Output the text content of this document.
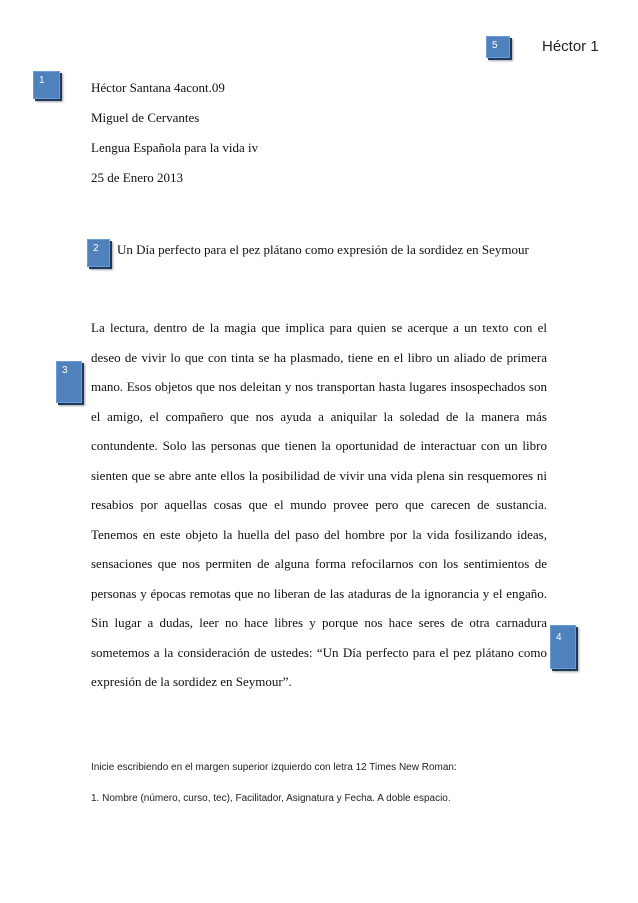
5	Héctor 1
1	Héctor Santana 4acont.09
Miguel de Cervantes
Lengua Española para la vida iv
25 de Enero 2013
2 Un Día perfecto para el pez plátano como expresión de la sordidez en Seymour
3

La lectura, dentro de la magia que implica para quien se acerque a un texto con el deseo de vivir lo que con tinta se ha plasmado, tiene en el libro un aliado de primera mano. Esos objetos que nos deleitan y nos transportan hasta lugares insospechados son el amigo, el compañero que nos ayuda a aniquilar la soledad de la manera más contundente. Solo las personas que tienen la oportunidad de interactuar con un libro sienten que se abre ante ellos la posibilidad de vivir una vida plena sin resquemores ni resabios por aquellas cosas que el mundo provee pero que carecen de sustancia. Tenemos en este objeto la huella del paso del hombre por la vida fosilizando ideas, sensaciones que nos permiten de alguna forma refocilarnos con los sentimientos de personas y épocas remotas que no liberan de las ataduras de la ignorancia y el engaño. Sin lugar a dudas, leer no hace libres y porque nos hace seres de otra carnadura sometemos a la consideración de ustedes: “Un Día perfecto para el pez plátano como expresión de la sordidez en Seymour”.

4
Inicie escribiendo en el margen superior izquierdo con letra 12 Times New Roman:
1. Nombre (número, curso, tec), Facilitador, Asignatura y Fecha. A doble espacio.
